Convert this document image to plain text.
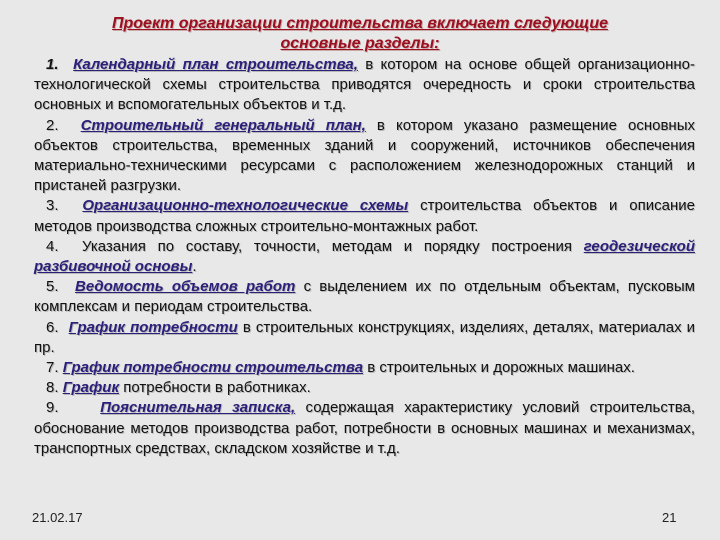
Проект организации строительства включает следующие
основные разделы:

1. Календарный план строительства, в котором на основе общей организационно-технологической схемы строительства приводятся очередность и сроки строительства основных и вспомогательных объектов и т.д.

2. Строительный генеральный план, в котором указано размещение основных объектов строительства, временных зданий и сооружений, источников обеспечения материально-техническими ресурсами с расположением железнодорожных станций и пристаней разгрузки.

3. Организационно-технологические схемы строительства объектов и описание методов производства сложных строительно-монтажных работ.

4. Указания по составу, точности, методам и порядку построения геодезической разбивочной основы.

5. Ведомость объемов работ с выделением их по отдельным объектам, пусковым комплексам и периодам строительства.

6. График потребности в строительных конструкциях, изделиях, деталях, материалах и пр.

7. График потребности строительства в строительных и дорожных машинах.

8. График потребности в работниках.

9.	Пояснительная записка, содержащая характеристику условий строительства, обоснование методов производства работ, потребности в основных машинах и механизмах, транспортных средствах, складском хозяйстве и т.д.

21.02.17	21
